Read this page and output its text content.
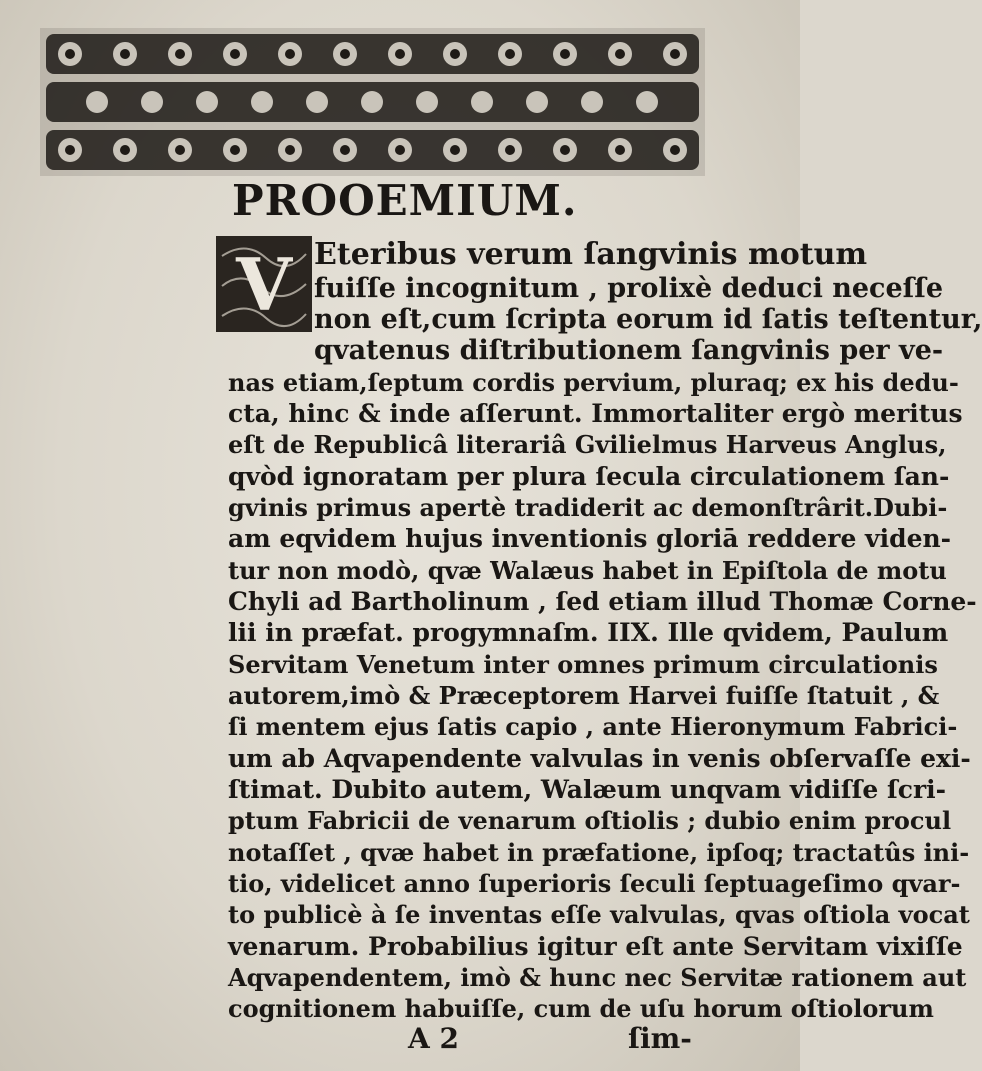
PROOEMIUM.
V Eteribus verum ſangvinis motum
fuiſſe incognitum , prolixè deduci neceſſe
non eſt,cum ſcripta eorum id ſatis teſtentur,
qvatenus diſtributionem ſangvinis per ve-
nas etiam,ſeptum cordis pervium, pluraq; ex his dedu-
cta, hinc & inde aſſerunt. Immortaliter ergò meritus
eſt de Republicâ literariâ Gvilielmus Harveus Anglus,
qvòd ignoratam per plura ſecula circulationem ſan-
gvinis primus apertè tradiderit ac demonſtrârit.Dubi-
am eqvidem hujus inventionis gloriā reddere viden-
tur non modò, qvæ Walæus habet in Epiſtola de motu
Chyli ad Bartholinum , ſed etiam illud Thomæ Corne-
lii in præfat. progymnaſm. IIX. Ille qvidem, Paulum
Servitam Venetum inter omnes primum circulationis
autorem,imò & Præceptorem Harvei fuiſſe ſtatuit , &
ſi mentem ejus ſatis capio , ante Hieronymum Fabrici-
um ab Aqvapendente valvulas in venis obſervaſſe exi-
ſtimat. Dubito autem, Walæum unqvam vidiſſe ſcri-
ptum Fabricii de venarum oſtiolis ; dubio enim procul
notaſſet , qvæ habet in præfatione, ipſoq; tractatûs ini-
tio, videlicet anno ſuperioris ſeculi ſeptuageſimo qvar-
to publicè à ſe inventas eſſe valvulas, qvas oſtiola vocat
venarum. Probabilius igitur eſt ante Servitam vixiſſe
Aqvapendentem, imò & hunc nec Servitæ rationem aut
cognitionem habuiſſe, cum de uſu horum oſtiolorum
A 2	ſim-
